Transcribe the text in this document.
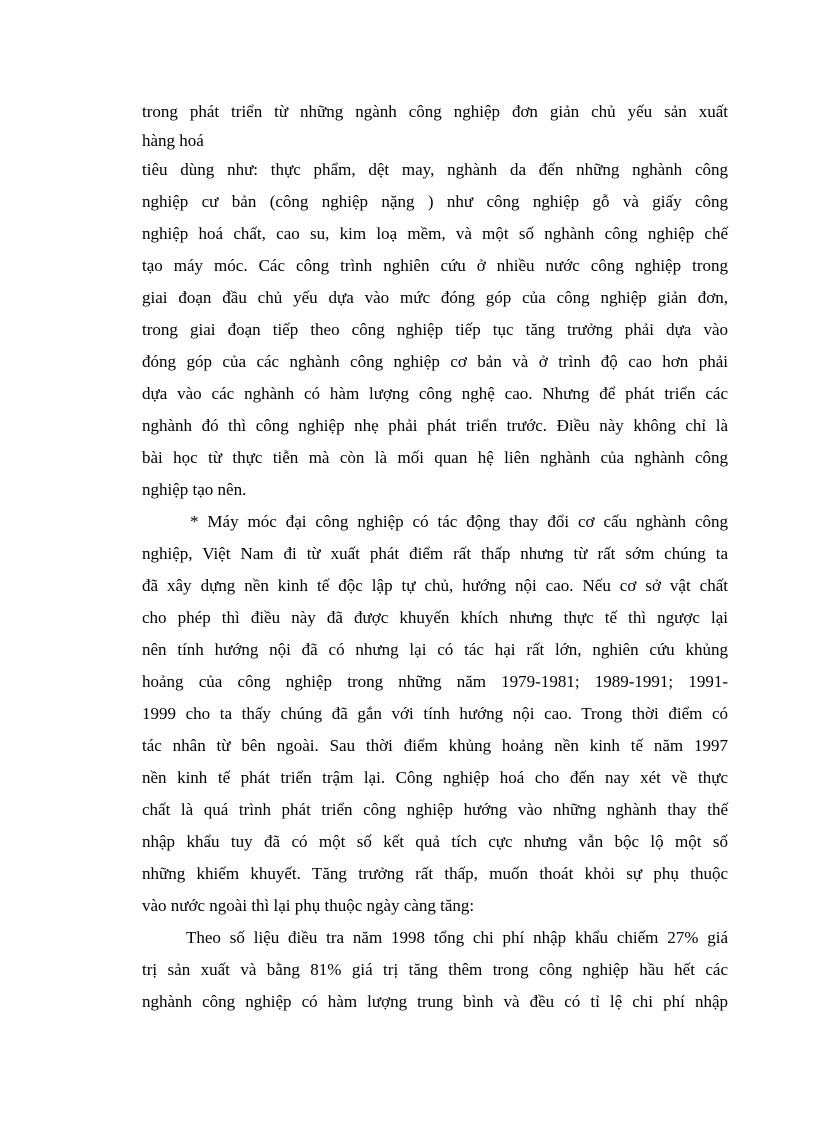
trong phát triển từ những ngành công nghiệp đơn giản chủ yếu sản xuất
hàng hoá
tiêu dùng như: thực phẩm, dệt may, nghành da đến những nghành công
nghiệp cư bản (công nghiệp nặng ) như công nghiệp gỗ và giấy công
nghiệp hoá chất, cao su, kim loạ mềm, và một số nghành công nghiệp chế
tạo máy móc. Các công trình nghiên cứu ở nhiều nước công nghiệp trong
giai đoạn đầu chủ yếu dựa vào mức đóng góp của công nghiệp giản đơn,
trong giai đoạn tiếp theo công nghiệp tiếp tục tăng trưởng phải dựa vào
đóng góp của các nghành công nghiệp cơ bản và ở trình độ cao hơn phải
dựa vào các nghành có hàm lượng công nghệ cao. Nhưng để phát triển các
nghành đó thì công nghiệp nhẹ phải phát triển trước. Điều này không chỉ là
bài học từ thực tiễn mà còn là mối quan hệ liên nghành của nghành công
nghiệp tạo nên.
* Máy móc đại công nghiệp có tác động thay đổi cơ cấu nghành công
nghiệp, Việt Nam đi từ xuất phát điểm rất thấp nhưng từ rất sớm chúng ta
đã xây dựng nền kinh tế độc lập tự chủ, hướng nội cao. Nếu cơ sở vật chất
cho phép thì điều này đã được khuyến khích nhưng thực tế thì ngược lại
nên tính hướng nội đã có nhưng lại có tác hại rất lớn, nghiên cứu khủng
hoảng của công nghiệp trong những năm 1979-1981; 1989-1991; 1991-
1999 cho ta thấy chúng đã gắn với tính hướng nội cao. Trong thời điểm có
tác nhân từ bên ngoài. Sau thời điểm khủng hoảng nền kinh tế năm 1997
nền kinh tế phát triển trậm lại. Công nghiệp hoá cho đến nay xét về thực
chất là quá trình phát triển công nghiệp hướng vào những nghành thay thế
nhập khẩu tuy đã có một số kết quả tích cực nhưng vẫn bộc lộ một số
những khiếm khuyết. Tăng trưởng rất thấp, muốn thoát khỏi sự phụ thuộc
vào nước ngoài thì lại phụ thuộc ngày càng tăng:
Theo số liệu điều tra năm 1998 tổng chi phí nhập khẩu chiếm 27% giá
trị sản xuất và bằng 81% giá trị tăng thêm trong công nghiệp hầu hết các
nghành công nghiệp có hàm lượng trung bình và đều có tỉ lệ chi phí nhập
